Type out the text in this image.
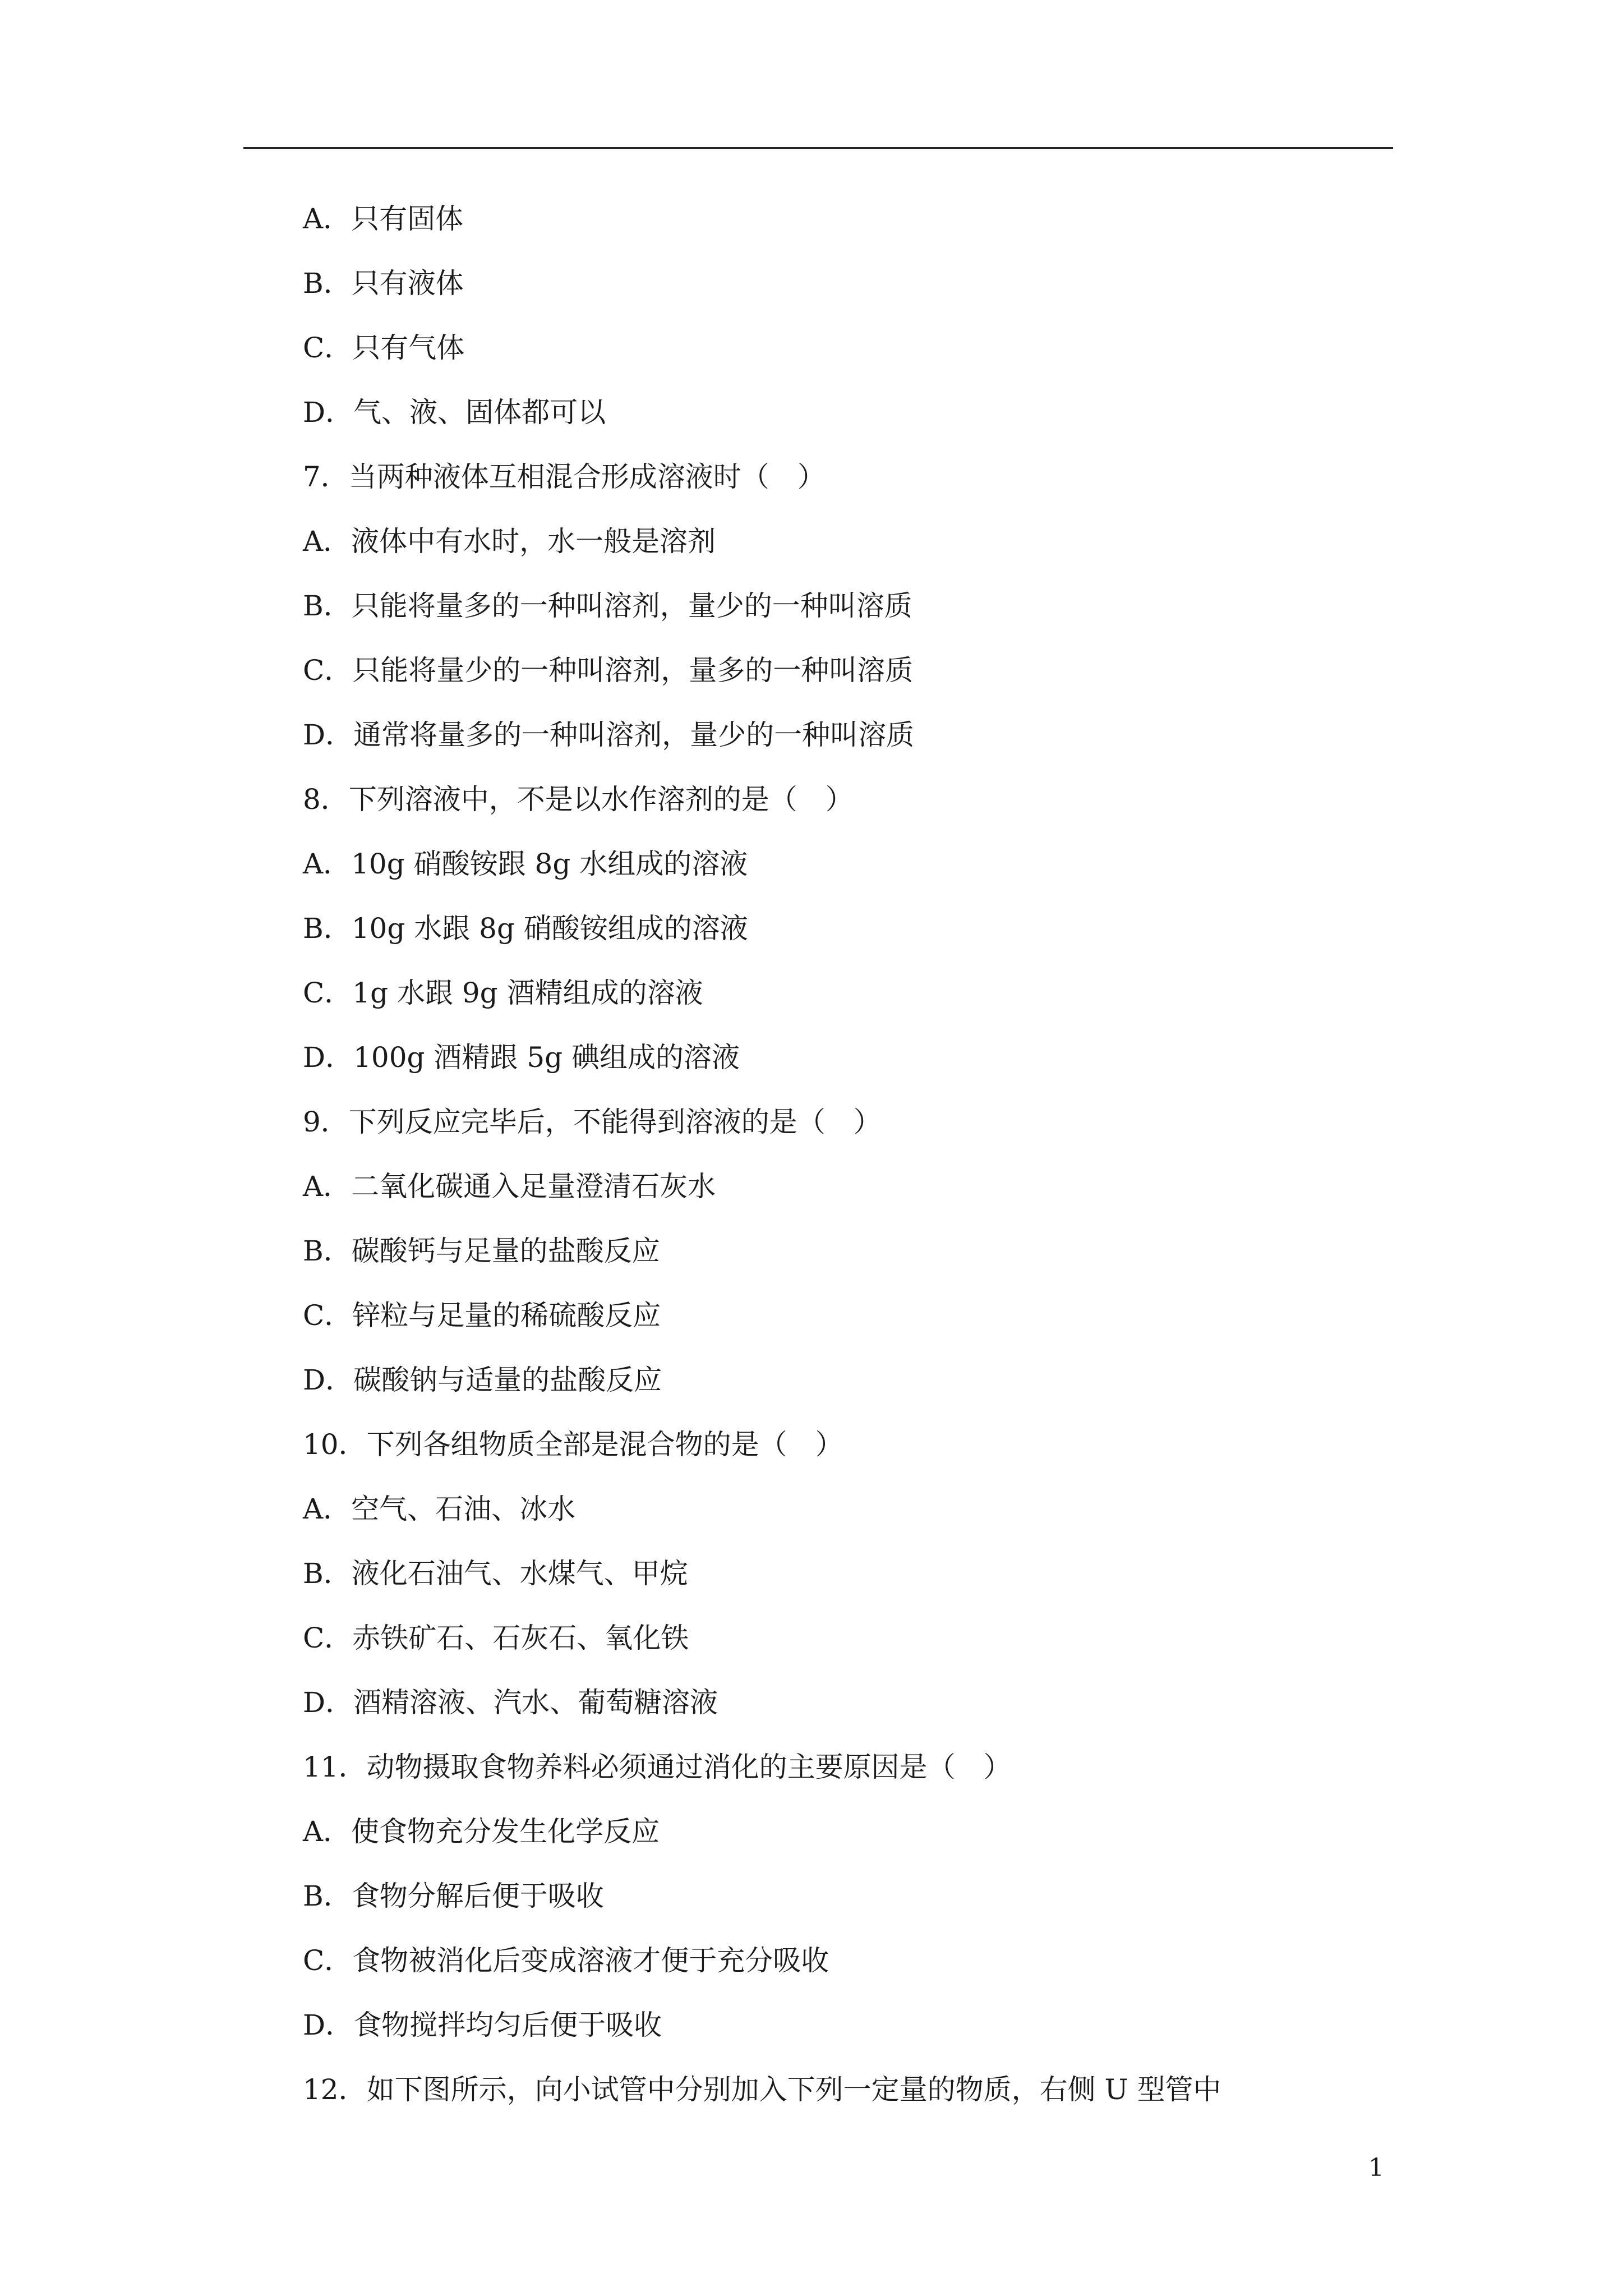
A．只有固体
B．只有液体
C．只有气体
D．气、液、固体都可以
7．当两种液体互相混合形成溶液时（　）
A．液体中有水时，水一般是溶剂
B．只能将量多的一种叫溶剂，量少的一种叫溶质
C．只能将量少的一种叫溶剂，量多的一种叫溶质
D．通常将量多的一种叫溶剂，量少的一种叫溶质
8．下列溶液中，不是以水作溶剂的是（　）
A．10g 硝酸铵跟 8g 水组成的溶液
B．10g 水跟 8g 硝酸铵组成的溶液
C．1g 水跟 9g 酒精组成的溶液
D．100g 酒精跟 5g 碘组成的溶液
9．下列反应完毕后，不能得到溶液的是（　）
A．二氧化碳通入足量澄清石灰水
B．碳酸钙与足量的盐酸反应
C．锌粒与足量的稀硫酸反应
D．碳酸钠与适量的盐酸反应
10．下列各组物质全部是混合物的是（　）
A．空气、石油、冰水
B．液化石油气、水煤气、甲烷
C．赤铁矿石、石灰石、氧化铁
D．酒精溶液、汽水、葡萄糖溶液
11．动物摄取食物养料必须通过消化的主要原因是（　）
A．使食物充分发生化学反应
B．食物分解后便于吸收
C．食物被消化后变成溶液才便于充分吸收
D．食物搅拌均匀后便于吸收
12．如下图所示，向小试管中分别加入下列一定量的物质，右侧 U 型管中
1
